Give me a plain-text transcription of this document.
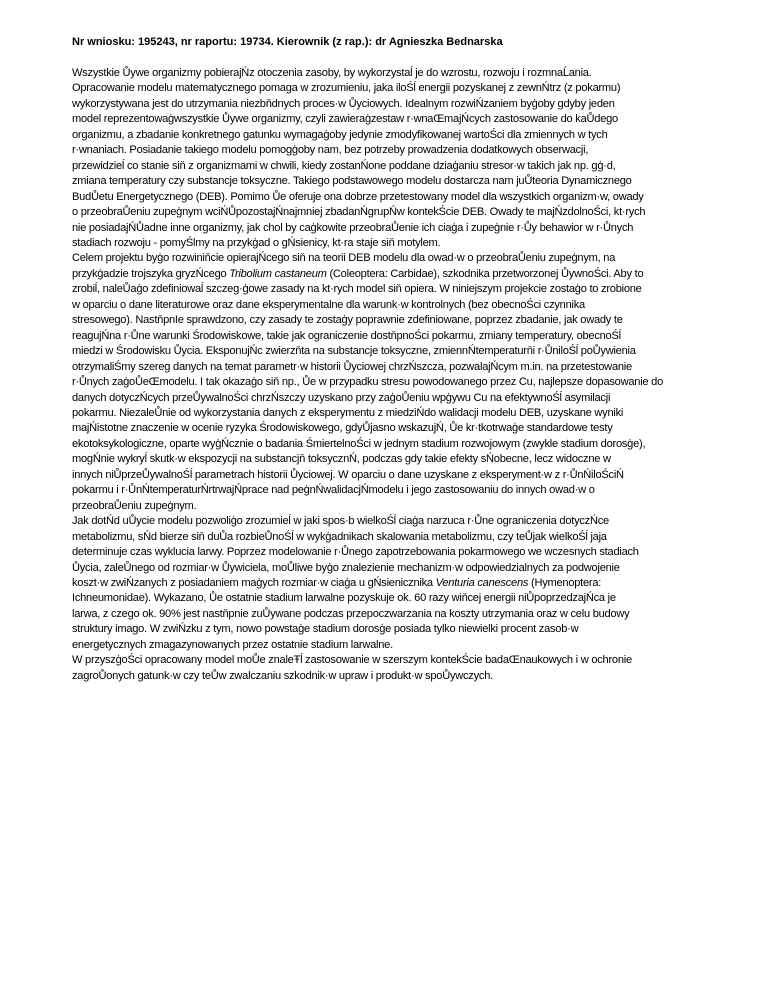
Nr wniosku: 195243, nr raportu: 19734. Kierownik (z rap.): dr Agnieszka Bednarska
Wszystkie Ůywe organizmy pobierajŃz otoczenia zasoby, by wykorzystaĺ je do wzrostu, rozwoju i rozmnaĹania.
Opracowanie modelu matematycznego pomaga w zrozumieniu, jaka iloŚĺ energii pozyskanej z zewnŃtrz (z pokarmu)
wykorzystywana jest do utrzymania niezbňdnych proces·w Ůyciowych. Idealnym rozwiŃzaniem byģoby gdyby jeden
model reprezentowaģwszystkie Ůywe organizmy, czyli zawieraģzestaw r·wnaŒmajŃcych zastosowanie do kaŮdego
organizmu, a zbadanie konkretnego gatunku wymagaģoby jedynie zmodyfikowanej wartoŚci dla zmiennych w tych
r·wnaniach. Posiadanie takiego modelu pomogģoby nam, bez potrzeby prowadzenia dodatkowych obserwacji,
przewidzieĺ co stanie siň z organizmami w chwili, kiedy zostanŃone poddane dziaģaniu stresor·w takich jak np. gģ·d,
zmiana temperatury czy substancje toksyczne. Takiego podstawowego modelu dostarcza nam juŮteoria Dynamicznego
BudŮetu Energetycznego (DEB). Pomimo Ůe oferuje ona dobrze przetestowany model dla wszystkich organizm·w, owady
o przeobraŮeniu zupeģnym wciŃŮpozostajŃnajmniej zbadanŃgrupŃw kontekŚcie DEB. Owady te majŃzdolnoŚci, kt·rych
nie posiadajŃŮadne inne organizmy, jak chol by caģkowite przeobraŮenie ich ciaģa i zupeģnie r·Ůy behawior w r·Ůnych
stadiach rozwoju - pomyŚlmy na przykģad o gŃsienicy, kt·ra staje siň motylem.
Celem projektu byģo rozwiniňcie opierajŃcego siň na teorii DEB modelu dla owad·w o przeobraŮeniu zupeģnym, na
przykģadzie trojszyka gryzŃcego Tribolium castaneum (Coleoptera: Carbidae), szkodnika przetworzonej ŮywnoŚci. Aby to
zrobiĺ, naleŮaģo zdefiniowaĺ szczeg·ģowe zasady na kt·rych model siň opiera. W niniejszym projekcie zostaģo to zrobione
w oparciu o dane literaturowe oraz dane eksperymentalne dla warunk·w kontrolnych (bez obecnoŚci czynnika
stresowego). NastňpnIe sprawdzono, czy zasady te zostaģy poprawnie zdefiniowane, poprzez zbadanie, jak owady te
reagujŃna r·Ůne warunki Środowiskowe, takie jak ograniczenie dostňpnoŚci pokarmu, zmiany temperatury, obecnoŚĺ
miedzi w Środowisku Ůycia. EksponujŃc zwierzňta na substancje toksyczne, zmiennŃtemperaturňi r·ŮniloŚĺ poŮywienia
otrzymaliŚmy szereg danych na temat parametr·w historii Ůyciowej chrzŃszcza, pozwalajŃcym m.in. na przetestowanie
r·Ůnych zaģoŮeŒmodelu. I tak okazaģo siň np., Ůe w przypadku stresu powodowanego przez Cu, najlepsze dopasowanie do
danych dotyczŃcych przeŮywalnoŚci chrzŃszczy uzyskano przy zaģoŮeniu wpģywu Cu na efektywnoŚĺ asymilacji
pokarmu. NiezaleŮnie od wykorzystania danych z eksperymentu z miedziŃdo walidacji modelu DEB, uzyskane wyniki
majŃistotne znaczenie w ocenie ryzyka Środowiskowego, gdyŮjasno wskazujŃ, Ůe kr·tkotrwaģe standardowe testy
ekotoksykologiczne, oparte wyģŃcznie o badania ŚmiertelnoŚci w jednym stadium rozwojowym (zwykle stadium dorosģe),
mogŃnie wykryĺ skutk·w ekspozycji na substancjň toksycznŃ, podczas gdy takie efekty sŃobecne, lecz widoczne w
innych niŮprzeŮywalnoŚĺ parametrach historii Ůyciowej. W oparciu o dane uzyskane z eksperyment·w z r·ŮnŃiloŚciŃ
pokarmu i r·ŮnŃtemperaturŃrtrwajŃprace nad peģnŃwalidacjŃmodelu i jego zastosowaniu do innych owad·w o
przeobraŮeniu zupeģnym.
Jak dotŃd uŮycie modelu pozwoliģo zrozumieĺ w jaki spos·b wielkoŚĺ ciaģa narzuca r·Ůne ograniczenia dotyczŃce
metabolizmu, sŃd bierze siň duŮa rozbieŮnoŚĺ w wykģadnikach skalowania metabolizmu, czy teŮjak wielkoŚĺ jaja
determinuje czas wyklucia larwy. Poprzez modelowanie r·Ůnego zapotrzebowania pokarmowego we wczesnych stadiach
Ůycia, zaleŮnego od rozmiar·w Ůywiciela, moŮliwe byģo znalezienie mechanizm·w odpowiedzialnych za podwojenie
koszt·w zwiŃzanych z posiadaniem maģych rozmiar·w ciaģa u gŃsienicznika Venturia canescens (Hymenoptera:
Ichneumonidae). Wykazano, Ůe ostatnie stadium larwalne pozyskuje ok. 60 razy wiňcej energii niŮpoprzedzajŃca je
larwa, z czego ok. 90% jest nastňpnie zuŮywane podczas przepoczwarzania na koszty utrzymania oraz w celu budowy
struktury imago. W zwiŃzku z tym, nowo powstaģe stadium dorosģe posiada tylko niewielki procent zasob·w
energetycznych zmagazynowanych przez ostatnie stadium larwalne.
W przyszģoŚci opracowany model moŮe znaleŦĺ zastosowanie w szerszym kontekŚcie badaŒnaukowych i w ochronie
zagroŮonych gatunk·w czy teŮw zwalczaniu szkodnik·w upraw i produkt·w spoŮywczych.
